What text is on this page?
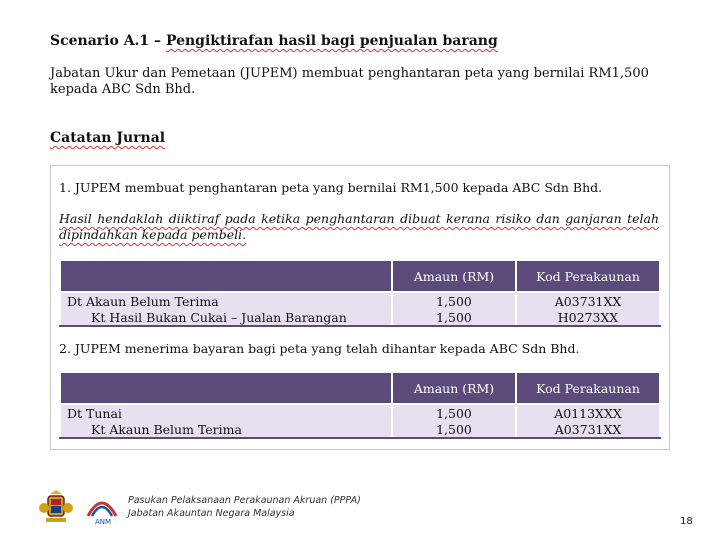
Scenario A.1 – Pengiktirafan hasil bagi penjualan barang
Jabatan Ukur dan Pemetaan (JUPEM) membuat penghantaran peta yang bernilai RM1,500 kepada ABC Sdn Bhd.
Catatan Jurnal
1. JUPEM membuat penghantaran peta yang bernilai RM1,500 kepada ABC Sdn Bhd.
Hasil hendaklah diiktiraf pada ketika penghantaran dibuat kerana risiko dan ganjaran telah dipindahkan kepada pembeli.
	Amaun (RM)	Kod Perakaunan
Dt Akaun Belum Terima	1,500	A03731XX
Kt Hasil Bukan Cukai – Jualan Barangan	1,500	H0273XX
2. JUPEM menerima bayaran bagi peta yang telah dihantar kepada ABC Sdn Bhd.
	Amaun (RM)	Kod Perakaunan
Dt Tunai	1,500	A0113XXX
Kt Akaun Belum Terima	1,500	A03731XX
ANM
Pasukan Pelaksanaan Perakaunan Akruan (PPPA)
Jabatan Akauntan Negara Malaysia
18
